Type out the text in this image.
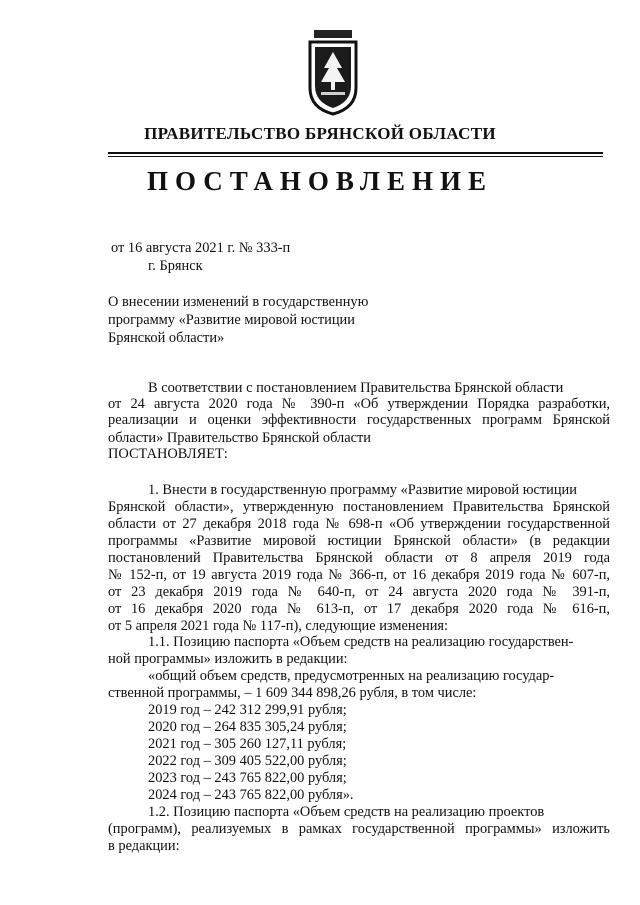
ПРАВИТЕЛЬСТВО БРЯНСКОЙ ОБЛАСТИ
ПОСТАНОВЛЕНИЕ
от 16 августа 2021 г. № 333-п
г. Брянск
О внесении изменений в государственную
программу «Развитие мировой юстиции
Брянской области»
В соответствии с постановлением Правительства Брянской области
от 24 августа 2020 года № 390-п «Об утверждении Порядка разработки,
реализации и оценки эффективности государственных программ Брянской
области» Правительство Брянской области
ПОСТАНОВЛЯЕТ:
1. Внести в государственную программу «Развитие мировой юстиции
Брянской области», утвержденную постановлением Правительства Брянской
области от 27 декабря 2018 года № 698-п «Об утверждении государственной
программы «Развитие мировой юстиции Брянской области» (в редакции
постановлений Правительства Брянской области от 8 апреля 2019 года
№ 152-п, от 19 августа 2019 года № 366-п, от 16 декабря 2019 года № 607-п,
от 23 декабря 2019 года № 640-п, от 24 августа 2020 года № 391-п,
от 16 декабря 2020 года № 613-п, от 17 декабря 2020 года № 616-п,
от 5 апреля 2021 года № 117-п), следующие изменения:
1.1. Позицию паспорта «Объем средств на реализацию государствен-
ной программы» изложить в редакции:
«общий объем средств, предусмотренных на реализацию государ-
ственной программы, – 1 609 344 898,26 рубля, в том числе:
2019 год – 242 312 299,91 рубля;
2020 год – 264 835 305,24 рубля;
2021 год – 305 260 127,11 рубля;
2022 год – 309 405 522,00 рубля;
2023 год – 243 765 822,00 рубля;
2024 год – 243 765 822,00 рубля».
1.2. Позицию паспорта «Объем средств на реализацию проектов
(программ), реализуемых в рамках государственной программы» изложить
в редакции:
